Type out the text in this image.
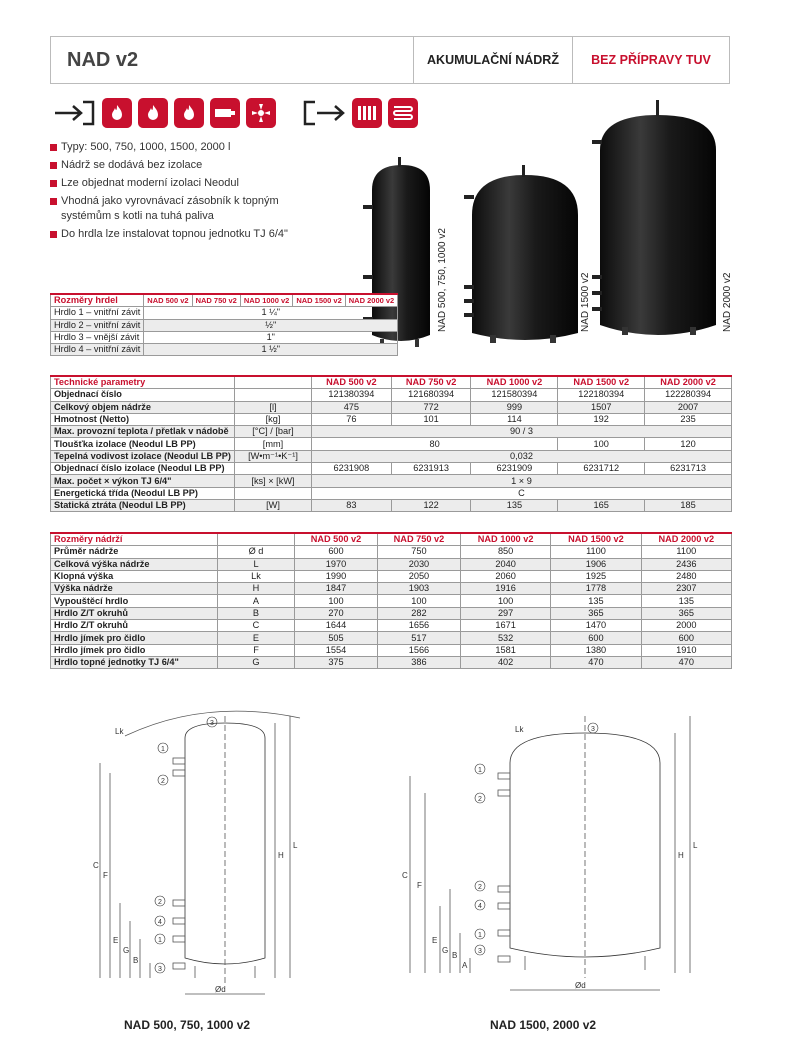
NAD v2	AKUMULAČNÍ NÁDRŽ	BEZ PŘÍPRAVY TUV
Typy: 500, 750, 1000, 1500, 2000 l
Nádrž se dodává bez izolace
Lze objednat moderní izolaci Neodul
Vhodná jako vyrovnávací zásobník k topným systémům s kotli na tuhá paliva
Do hrdla lze instalovat topnou jednotku TJ 6/4"	NAD 500, 750, 1000 v2	NAD 1500 v2	NAD 2000 v2
Rozměry hrdel	NAD 500 v2	NAD 750 v2	NAD 1000 v2	NAD 1500 v2	NAD 2000 v2
Hrdlo 1 – vnitřní závit	1 ¼"				
Hrdlo 2 – vnitřní závit	½"				
Hrdlo 3 – vnější závit	1"				
Hrdlo 4 – vnitřní závit	1 ½"				
Technické parametry		NAD 500 v2	NAD 750 v2	NAD 1000 v2	NAD 1500 v2	NAD 2000 v2
Objednací číslo		121380394	121680394	121580394	122180394	122280394
Celkový objem nádrže	[l]	475	772	999	1507	2007
Hmotnost (Netto)	[kg]	76	101	114	192	235
Max. provozní teplota / přetlak v nádobě	[°C] / [bar]	90 / 3				
Tloušťka izolace (Neodul LB PP)	[mm]	80			100	120
Tepelná vodivost izolace (Neodul LB PP)	[W•m⁻¹•K⁻¹]	0,032				
Objednací číslo izolace (Neodul LB PP)		6231908	6231913	6231909	6231712	6231713
Max. počet × výkon TJ 6/4"	[ks] × [kW]	1 × 9				
Energetická třída (Neodul LB PP)		C				
Statická ztráta (Neodul LB PP)	[W]	83	122	135	165	185
Rozměry nádrží		NAD 500 v2	NAD 750 v2	NAD 1000 v2	NAD 1500 v2	NAD 2000 v2
Průměr nádrže	Ø d	600	750	850	1100	1100
Celková výška nádrže	L	1970	2030	2040	1906	2436
Klopná výška	Lk	1990	2050	2060	1925	2480
Výška nádrže	H	1847	1903	1916	1778	2307
Vypouštěcí hrdlo	A	100	100	100	135	135
Hrdlo Z/T okruhů	B	270	282	297	365	365
Hrdlo Z/T okruhů	C	1644	1656	1671	1470	2000
Hrdlo jímek pro čidlo	E	505	517	532	600	600
Hrdlo jímek pro čidlo	F	1554	1566	1581	1380	1910
Hrdlo topné jednotky TJ 6/4"	G	375	386	402	470	470
C
F
E
G
B
H
L
Lk
Ød
C
F
E
G
B
A
H
L
Lk
Ød
1
2
3
2
4
1
3
1
2
3
2
4
1
3
NAD 500, 750, 1000 v2	NAD 1500, 2000 v2
